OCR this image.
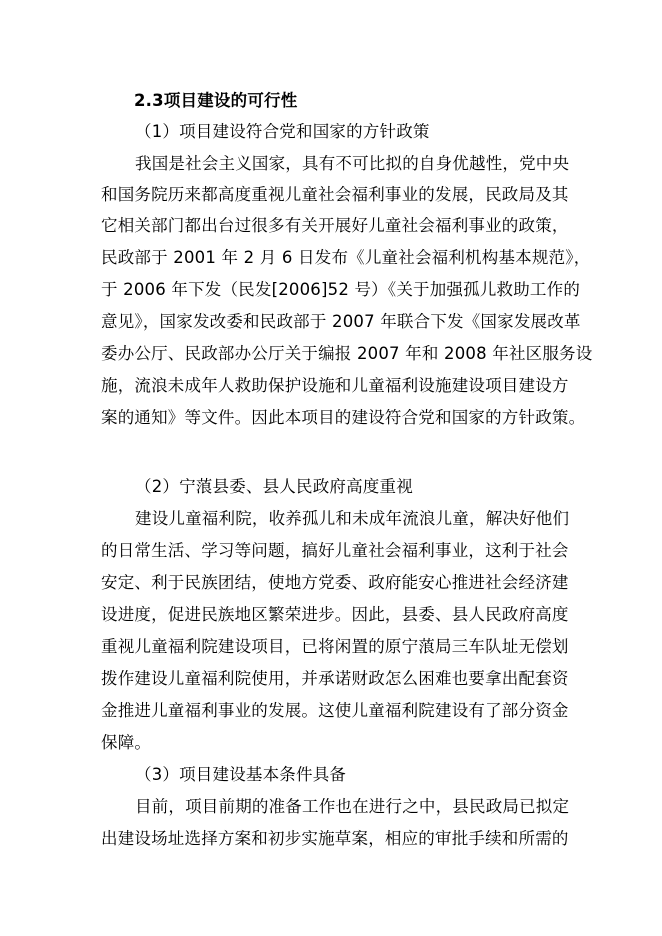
2.3项目建设的可行性
（1）项目建设符合党和国家的方针政策
我国是社会主义国家，具有不可比拟的自身优越性，党中央
和国务院历来都高度重视儿童社会福利事业的发展，民政局及其
它相关部门都出台过很多有关开展好儿童社会福利事业的政策，
民政部于 2001 年 2 月 6 日发布《儿童社会福利机构基本规范》，
于 2006 年下发（民发[2006]52 号）《关于加强孤儿救助工作的
意见》，国家发改委和民政部于 2007 年联合下发《国家发展改革
委办公厅、民政部办公厅关于编报 2007 年和 2008 年社区服务设
施，流浪未成年人救助保护设施和儿童福利设施建设项目建设方
案的通知》等文件。因此本项目的建设符合党和国家的方针政策。
（2）宁蒗县委、县人民政府高度重视
建设儿童福利院，收养孤儿和未成年流浪儿童，解决好他们
的日常生活、学习等问题，搞好儿童社会福利事业，这利于社会
安定、利于民族团结，使地方党委、政府能安心推进社会经济建
设进度，促进民族地区繁荣进步。因此，县委、县人民政府高度
重视儿童福利院建设项目，已将闲置的原宁蒗局三车队址无偿划
拨作建设儿童福利院使用，并承诺财政怎么困难也要拿出配套资
金推进儿童福利事业的发展。这使儿童福利院建设有了部分资金
保障。
（3）项目建设基本条件具备
目前，项目前期的准备工作也在进行之中，县民政局已拟定
出建设场址选择方案和初步实施草案，相应的审批手续和所需的
